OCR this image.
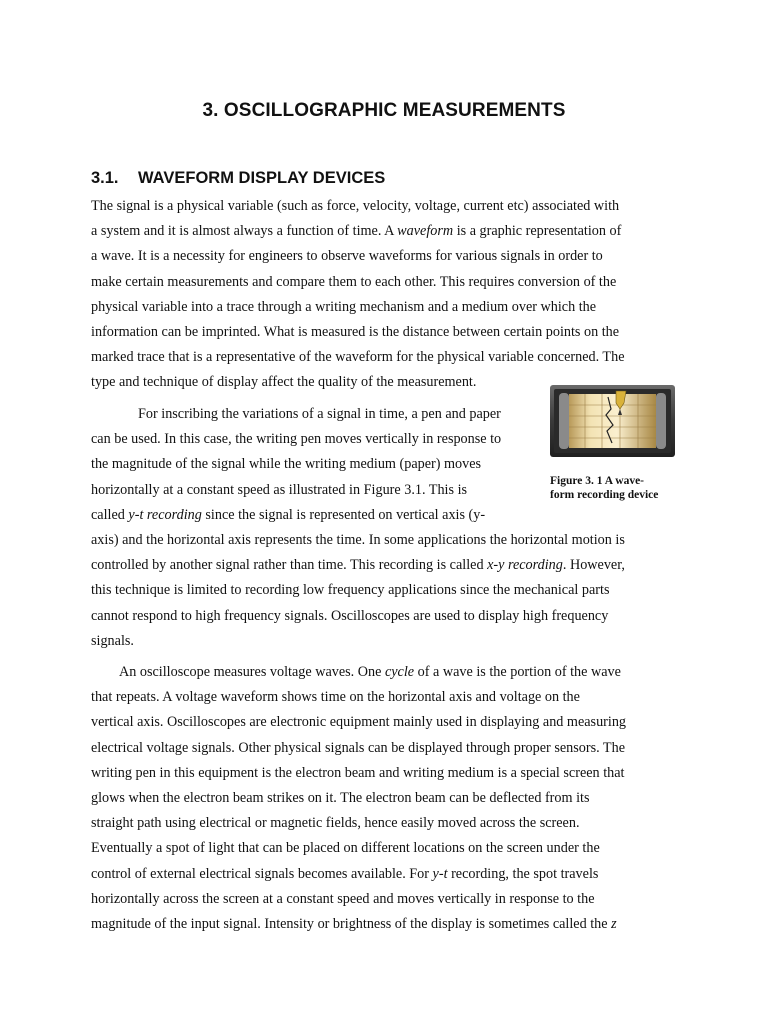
3. OSCILLOGRAPHIC MEASUREMENTS
3.1. WAVEFORM DISPLAY DEVICES
The signal is a physical variable (such as force, velocity, voltage, current etc) associated with
a system and it is almost always a function of time. A waveform is a graphic representation of
a wave. It is a necessity for engineers to observe waveforms for various signals in order to
make certain measurements and compare them to each other. This requires conversion of the
physical variable into a trace through a writing mechanism and a medium over which the
information can be imprinted. What is measured is the distance between certain points on the
marked trace that is a representative of the waveform for the physical variable concerned. The
type and technique of display affect the quality of the measurement.
For inscribing the variations of a signal in time, a pen and paper
can be used. In this case, the writing pen moves vertically in response to
the magnitude of the signal while the writing medium (paper) moves
horizontally at a constant speed as illustrated in Figure 3.1. This is
called y-t recording since the signal is represented on vertical axis (y-
axis) and the horizontal axis represents the time. In some applications the horizontal motion is
controlled by another signal rather than time. This recording is called x-y recording. However,
this technique is limited to recording low frequency applications since the mechanical parts
cannot respond to high frequency signals. Oscilloscopes are used to display high frequency
signals.
Figure 3. 1 A wave-
form recording device
An oscilloscope measures voltage waves. One cycle of a wave is the portion of the wave
that repeats. A voltage waveform shows time on the horizontal axis and voltage on the
vertical axis. Oscilloscopes are electronic equipment mainly used in displaying and measuring
electrical voltage signals. Other physical signals can be displayed through proper sensors. The
writing pen in this equipment is the electron beam and writing medium is a special screen that
glows when the electron beam strikes on it. The electron beam can be deflected from its
straight path using electrical or magnetic fields, hence easily moved across the screen.
Eventually a spot of light that can be placed on different locations on the screen under the
control of external electrical signals becomes available. For y-t recording, the spot travels
horizontally across the screen at a constant speed and moves vertically in response to the
magnitude of the input signal. Intensity or brightness of the display is sometimes called the z
